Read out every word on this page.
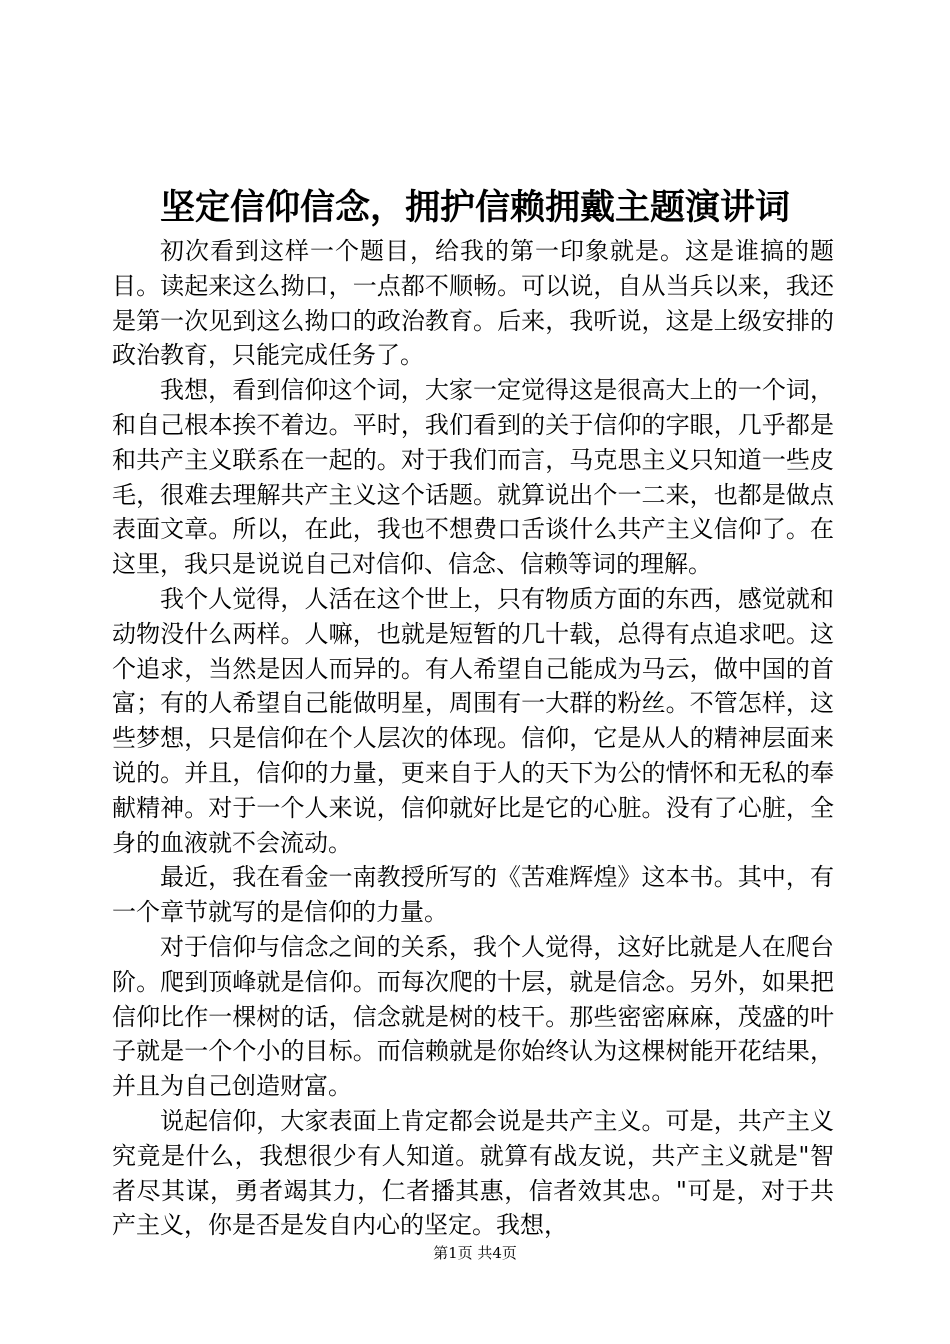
坚定信仰信念，拥护信赖拥戴主题演讲词

初次看到这样一个题目，给我的第一印象就是。这是谁搞的题目。读起来这么拗口，一点都不顺畅。可以说，自从当兵以来，我还是第一次见到这么拗口的政治教育。后来，我听说，这是上级安排的政治教育，只能完成任务了。

我想，看到信仰这个词，大家一定觉得这是很高大上的一个词，和自己根本挨不着边。平时，我们看到的关于信仰的字眼，几乎都是和共产主义联系在一起的。对于我们而言，马克思主义只知道一些皮毛，很难去理解共产主义这个话题。就算说出个一二来，也都是做点表面文章。所以，在此，我也不想费口舌谈什么共产主义信仰了。在这里，我只是说说自己对信仰、信念、信赖等词的理解。

我个人觉得，人活在这个世上，只有物质方面的东西，感觉就和动物没什么两样。人嘛，也就是短暂的几十载，总得有点追求吧。这个追求，当然是因人而异的。有人希望自己能成为马云，做中国的首富；有的人希望自己能做明星，周围有一大群的粉丝。不管怎样，这些梦想，只是信仰在个人层次的体现。信仰，它是从人的精神层面来说的。并且，信仰的力量，更来自于人的天下为公的情怀和无私的奉献精神。对于一个人来说，信仰就好比是它的心脏。没有了心脏，全身的血液就不会流动。

最近，我在看金一南教授所写的《苦难辉煌》这本书。其中，有一个章节就写的是信仰的力量。

对于信仰与信念之间的关系，我个人觉得，这好比就是人在爬台阶。爬到顶峰就是信仰。而每次爬的十层，就是信念。另外，如果把信仰比作一棵树的话，信念就是树的枝干。那些密密麻麻，茂盛的叶子就是一个个小的目标。而信赖就是你始终认为这棵树能开花结果，并且为自己创造财富。

说起信仰，大家表面上肯定都会说是共产主义。可是，共产主义究竟是什么，我想很少有人知道。就算有战友说，共产主义就是"智者尽其谋，勇者竭其力，仁者播其惠，信者效其忠。"可是，对于共产主义，你是否是发自内心的坚定。我想，

第1页 共4页
